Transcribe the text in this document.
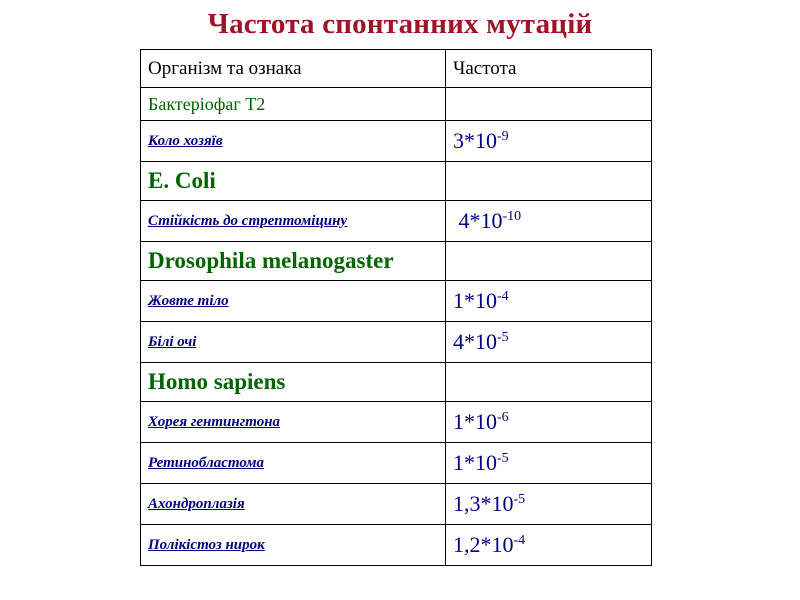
Частота спонтанних мутацій
Організм та ознака	Частота
Бактеріофаг Т2	
Коло хозяїв	$3*10^{-9}$
E. Coli	
Стійкість до стрептоміцину	$4*10^{-10}$
Drosophila melanogaster	
Жовте тіло	$1*10^{-4}$
Білі очі	$4*10^{-5}$
Homo sapiens	
Хорея гентингтона	$1*10^{-6}$
Ретинобластома	$1*10^{-5}$
Ахондроплазія	$1,3*10^{-5}$
Полікістоз нирок	$1,2*10^{-4}$
